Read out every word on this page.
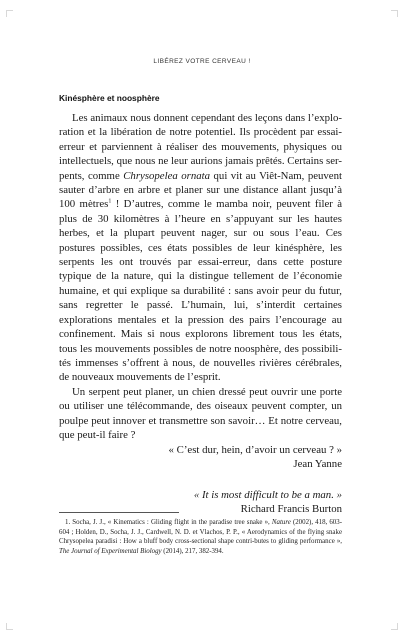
LIBÉREZ VOTRE CERVEAU !
Kinésphère et noosphère

Les animaux nous donnent cependant des leçons dans l’explo-ration et la libération de notre potentiel. Ils procèdent par essai-erreur et parviennent à réaliser des mouvements, physiques ou intellectuels, que nous ne leur aurions jamais prêtés. Certains ser-pents, comme Chrysopelea ornata qui vit au Viêt-Nam, peuvent sauter d’arbre en arbre et planer sur une distance allant jusqu’à 100 mètres$^1$ ! D’autres, comme le mamba noir, peuvent filer à plus de 30 kilomètres à l’heure en s’appuyant sur les hautes herbes, et la plupart peuvent nager, sur ou sous l’eau. Ces postures possibles, ces états possibles de leur kinésphère, les serpents les ont trouvés par essai-erreur, dans cette posture typique de la nature, qui la distingue tellement de l’économie humaine, et qui explique sa durabilité : sans avoir peur du futur, sans regretter le passé. L’humain, lui, s’interdit certaines explorations mentales et la pression des pairs l’encourage au confinement. Mais si nous explorons librement tous les états, tous les mouvements possibles de notre noosphère, des possibili-tés immenses s’offrent à nous, de nouvelles rivières cérébrales, de nouveaux mouvements de l’esprit.

Un serpent peut planer, un chien dressé peut ouvrir une porte ou utiliser une télécommande, des oiseaux peuvent compter, un poulpe peut innover et transmettre son savoir… Et notre cerveau, que peut-il faire ?

« C’est dur, hein, d’avoir un cerveau ? »
Jean Yanne

« It is most difficult to be a man. »
Richard Francis Burton

1. Socha, J. J., « Kinematics : Gliding flight in the paradise tree snake », Nature (2002), 418, 603-604 ; Holden, D., Socha, J. J., Cardwell, N. D. et Vlachos, P. P., « Aerodynamics of the flying snake Chrysopelea paradisi : How a bluff body cross-sectional shape contri-butes to gliding performance », The Journal of Experimental Biology (2014), 217, 382-394.
